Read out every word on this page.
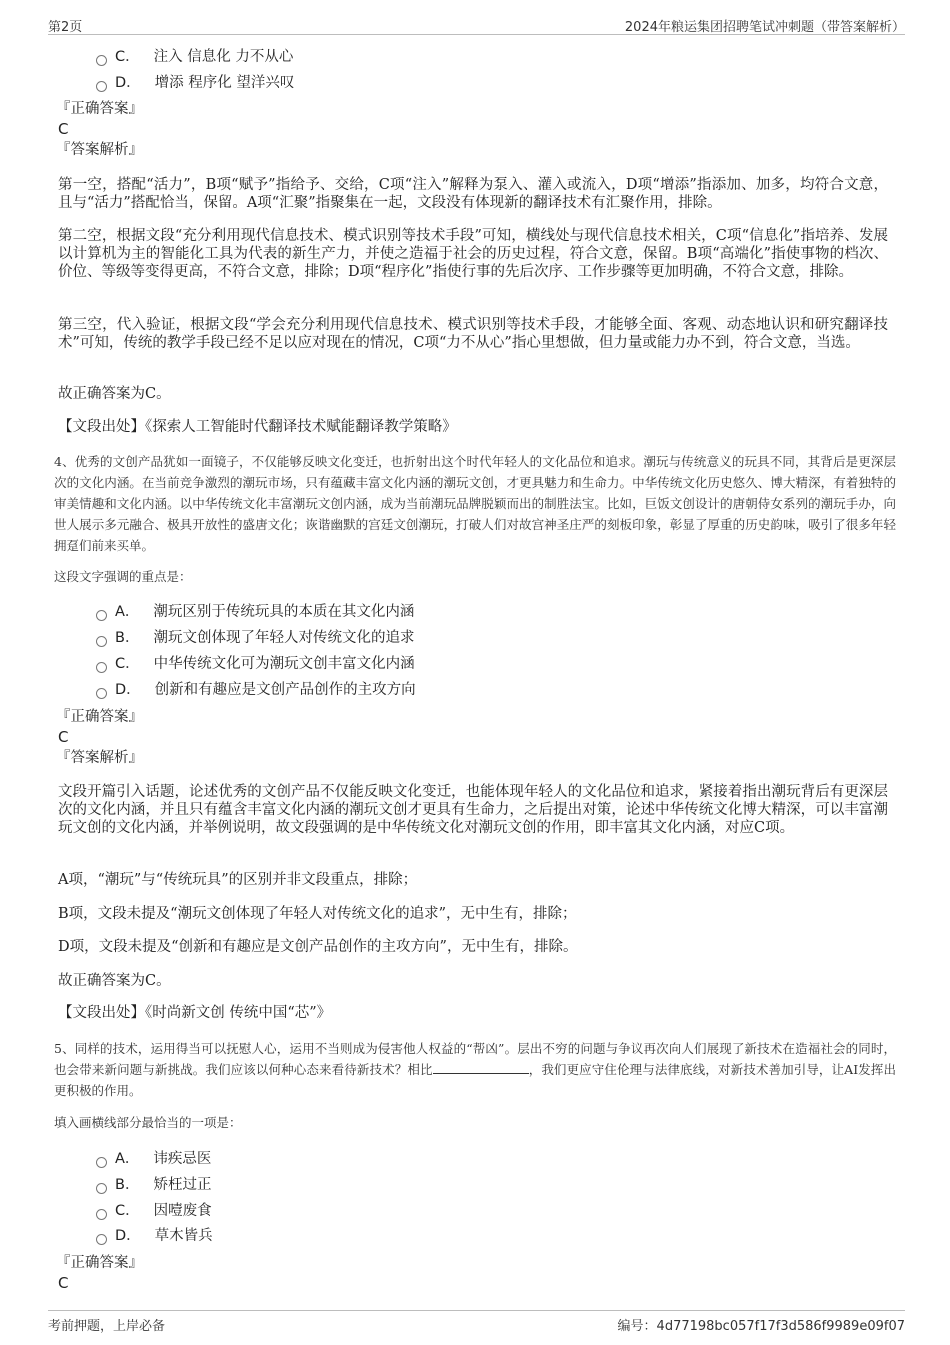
第2页	2024年粮运集团招聘笔试冲刺题（带答案解析）
C． 注入 信息化 力不从心
D． 增添 程序化 望洋兴叹
『正确答案』
C
『答案解析』

第一空，搭配“活力”，B项“赋予”指给予、交给，C项“注入”解释为泵入、灌入或流入，D项“增添”指添加、加多，均符合文意，且与“活力”搭配恰当，保留。A项“汇聚”指聚集在一起，文段没有体现新的翻译技术有汇聚作用，排除。

第二空，根据文段“充分利用现代信息技术、模式识别等技术手段”可知，横线处与现代信息技术相关，C项“信息化”指培养、发展以计算机为主的智能化工具为代表的新生产力，并使之造福于社会的历史过程，符合文意，保留。B项“高端化”指使事物的档次、价位、等级等变得更高，不符合文意，排除；D项“程序化”指使行事的先后次序、工作步骤等更加明确，不符合文意，排除。

第三空，代入验证，根据文段“学会充分利用现代信息技术、模式识别等技术手段，才能够全面、客观、动态地认识和研究翻译技术”可知，传统的教学手段已经不足以应对现在的情况，C项“力不从心”指心里想做，但力量或能力办不到，符合文意，当选。

故正确答案为C。

【文段出处】《探索人工智能时代翻译技术赋能翻译教学策略》

4、优秀的文创产品犹如一面镜子，不仅能够反映文化变迁，也折射出这个时代年轻人的文化品位和追求。潮玩与传统意义的玩具不同，其背后是更深层次的文化内涵。在当前竞争激烈的潮玩市场，只有蕴藏丰富文化内涵的潮玩文创，才更具魅力和生命力。中华传统文化历史悠久、博大精深，有着独特的审美情趣和文化内涵。以中华传统文化丰富潮玩文创内涵，成为当前潮玩品牌脱颖而出的制胜法宝。比如，巨饭文创设计的唐朝侍女系列的潮玩手办，向世人展示多元融合、极具开放性的盛唐文化；诙谐幽默的宫廷文创潮玩，打破人们对故宫神圣庄严的刻板印象，彰显了厚重的历史韵味，吸引了很多年轻拥趸们前来买单。

这段文字强调的重点是：

A． 潮玩区别于传统玩具的本质在其文化内涵
B． 潮玩文创体现了年轻人对传统文化的追求
C． 中华传统文化可为潮玩文创丰富文化内涵
D． 创新和有趣应是文创产品创作的主攻方向
『正确答案』
C
『答案解析』

文段开篇引入话题，论述优秀的文创产品不仅能反映文化变迁，也能体现年轻人的文化品位和追求，紧接着指出潮玩背后有更深层次的文化内涵，并且只有蕴含丰富文化内涵的潮玩文创才更具有生命力，之后提出对策，论述中华传统文化博大精深，可以丰富潮玩文创的文化内涵，并举例说明，故文段强调的是中华传统文化对潮玩文创的作用，即丰富其文化内涵，对应C项。

A项，“潮玩”与“传统玩具”的区别并非文段重点，排除；

B项，文段未提及“潮玩文创体现了年轻人对传统文化的追求”，无中生有，排除；

D项，文段未提及“创新和有趣应是文创产品创作的主攻方向”，无中生有，排除。

故正确答案为C。

【文段出处】《时尚新文创 传统中国“芯”》

5、同样的技术，运用得当可以抚慰人心，运用不当则成为侵害他人权益的“帮凶”。层出不穷的问题与争议再次向人们展现了新技术在造福社会的同时，也会带来新问题与新挑战。我们应该以何种心态来看待新技术？相比	，我们更应守住伦理与法律底线，对新技术善加引导，让AI发挥出更积极的作用。

填入画横线部分最恰当的一项是：

A． 讳疾忌医
B． 矫枉过正
C． 因噎废食
D． 草木皆兵
『正确答案』
C
考前押题，上岸必备	编号：4d77198bc057f17f3d586f9989e09f07
